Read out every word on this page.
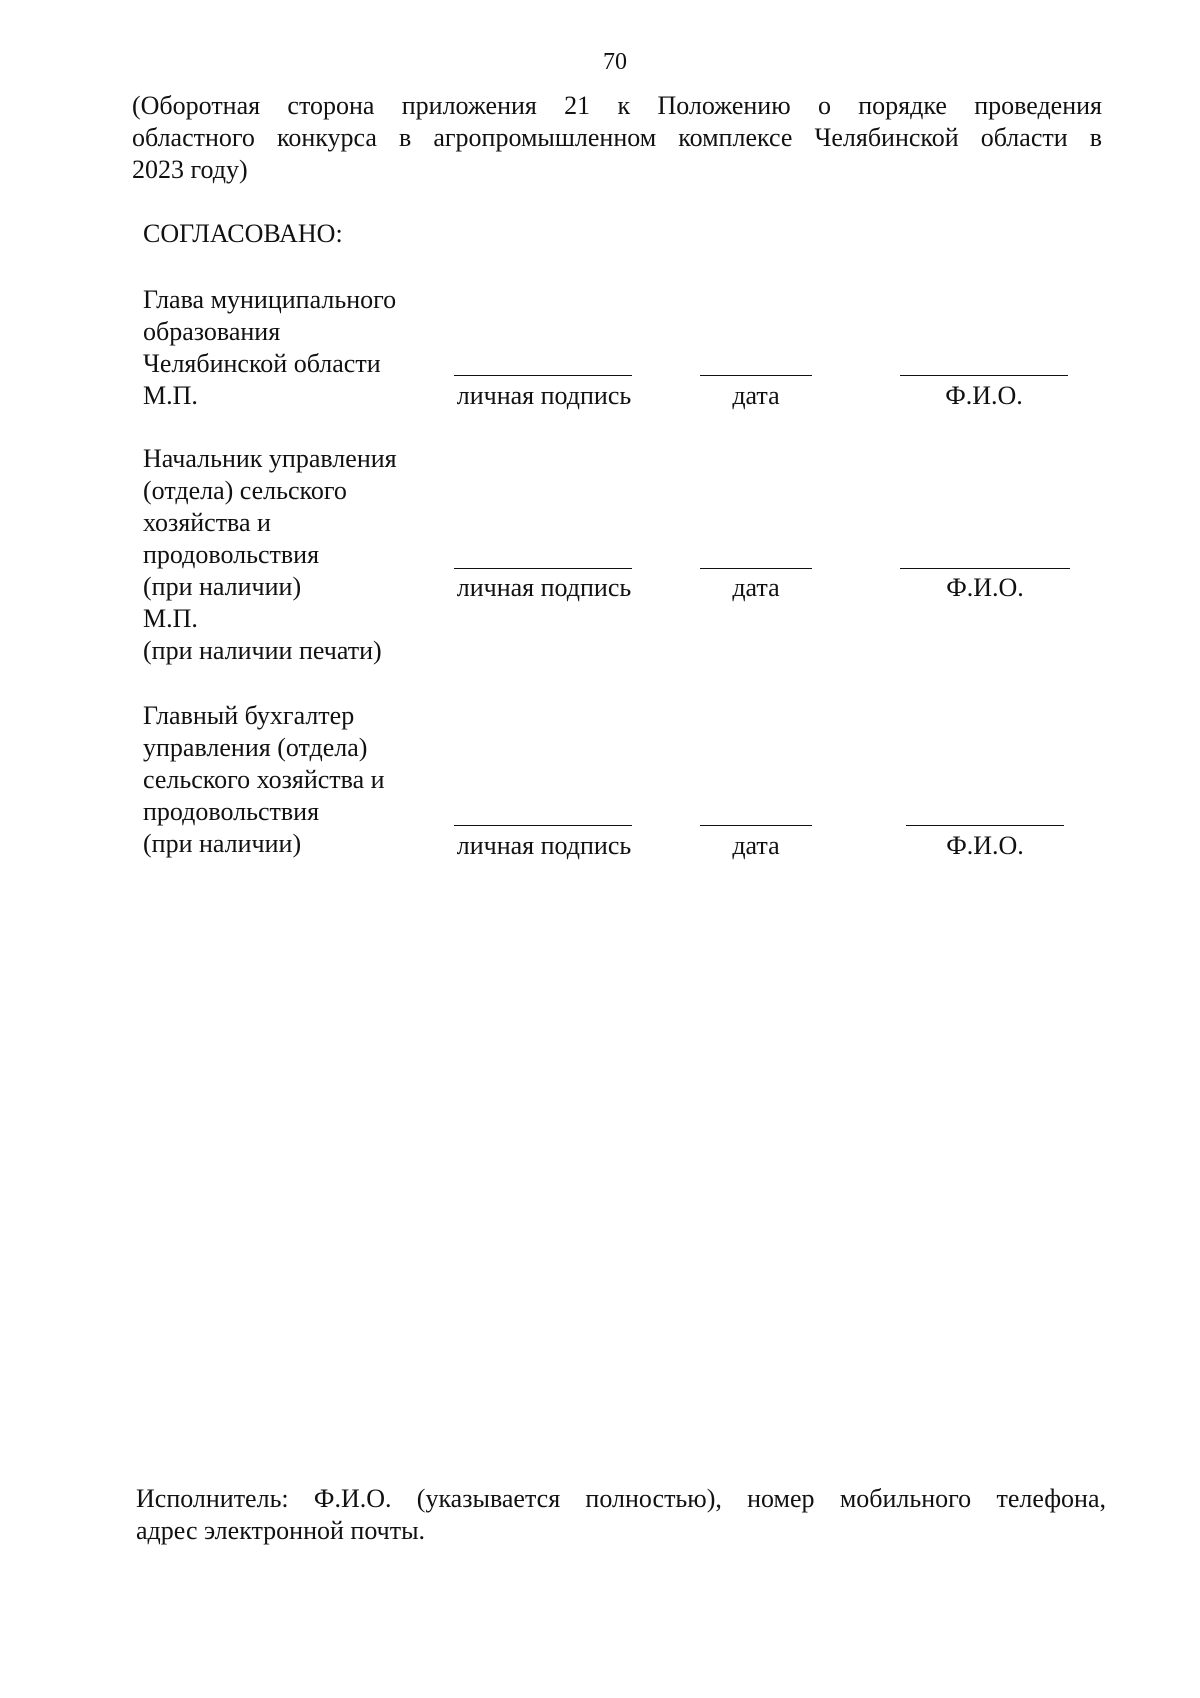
70
(Оборотная сторона приложения 21 к Положению о порядке проведения
областного конкурса в агропромышленном комплексе Челябинской области в
2023 году)
СОГЛАСОВАНО:
Глава муниципального
образования
Челябинской области
М.П.	личная подпись	дата	Ф.И.О.
Начальник управления
(отдела) сельского
хозяйства и
продовольствия
(при наличии)
М.П.
(при наличии печати)
личная подпись	дата	Ф.И.О.
Главный бухгалтер
управления (отдела)
сельского хозяйства и
продовольствия
(при наличии)	личная подпись	дата	Ф.И.О.
Исполнитель: Ф.И.О. (указывается полностью), номер мобильного телефона,
адрес электронной почты.
